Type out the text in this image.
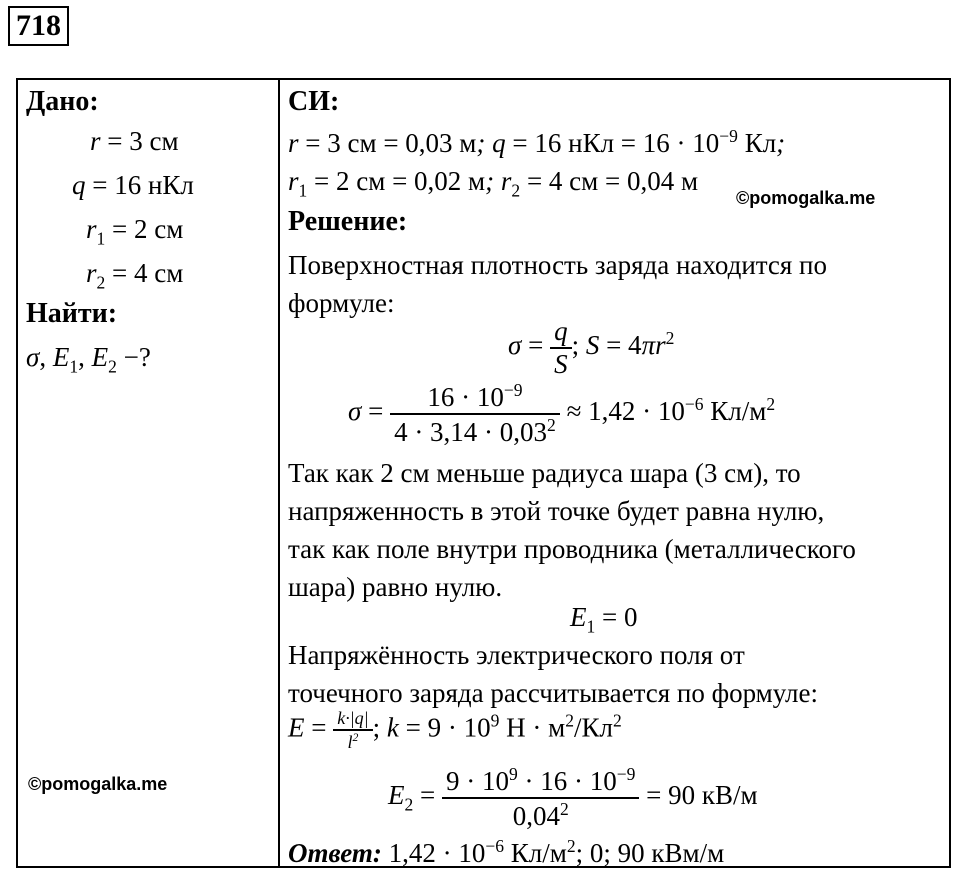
718
Дано:
r = 3 см
q = 16 нКл
$r_1 = 2$ см
$r_2 = 4$ см
Найти:
σ, $E_1$, $E_2$ −?
©pomogalka.me

СИ:
r = 3 см = 0,03 м; q = 16 нКл = $16 \cdot 10^{-9}$ Кл;
$r_1 = 2$ см = 0,02 м; $r_2 = 4$ см = 0,04 м
©pomogalka.me
Решение:
Поверхностная плотность заряда находится по
формуле:
$\sigma = \frac{q}{S}$ ; $S = 4\pi r^2$
$\sigma = \frac{16 \cdot 10^{-9}}{4 \cdot 3,14 \cdot 0,03^2} \approx 1,42 \cdot 10^{-6}$ $Кл/м^2$
Так как 2 см меньше радиуса шара (3 см), то
напряженность в этой точке будет равна нулю,
так как поле внутри проводника (металлического
шара) равно нулю.
$E_1 = 0$
Напряжённость электрического поля от
точечного заряда рассчитывается по формуле:
$E = \frac{k\cdot|q|}{l^2}$ ; $k = 9 \cdot 10^9$ $Н \cdot м^2/Кл^2$
$E_2 = \frac{9 \cdot 10^9 \cdot 16 \cdot 10^{-9}}{0,04^2} = 90$ кВ/м
Ответ: $1,42 \cdot 10^{-6}$ $Кл/м^2$; 0; 90 кВм/м
